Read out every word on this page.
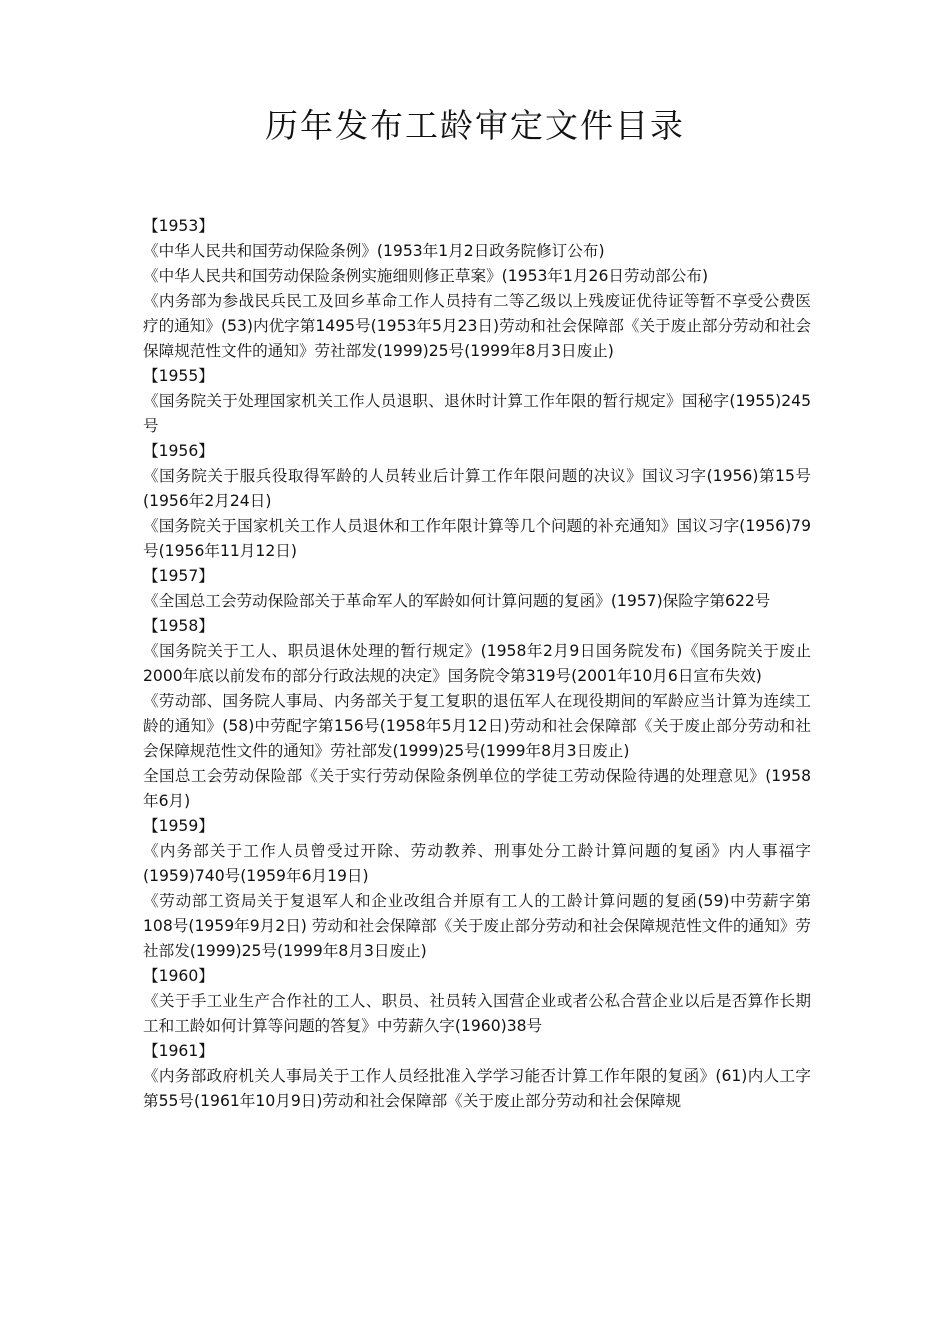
历年发布工龄审定文件目录

【1953】

《中华人民共和国劳动保险条例》(1953年1月2日政务院修订公布)

《中华人民共和国劳动保险条例实施细则修正草案》(1953年1月26日劳动部公布)

《内务部为参战民兵民工及回乡革命工作人员持有二等乙级以上残废证优待证等暂不享受公费医疗的通知》(53)内优字第1495号(1953年5月23日)劳动和社会保障部《关于废止部分劳动和社会保障规范性文件的通知》劳社部发(1999)25号(1999年8月3日废止)

【1955】

《国务院关于处理国家机关工作人员退职、退休时计算工作年限的暂行规定》国秘字(1955)245号

【1956】

《国务院关于服兵役取得军龄的人员转业后计算工作年限问题的决议》国议习字(1956)第15号(1956年2月24日)

《国务院关于国家机关工作人员退休和工作年限计算等几个问题的补充通知》国议习字(1956)79号(1956年11月12日)

【1957】

《全国总工会劳动保险部关于革命军人的军龄如何计算问题的复函》(1957)保险字第622号

【1958】

《国务院关于工人、职员退休处理的暂行规定》(1958年2月9日国务院发布)《国务院关于废止2000年底以前发布的部分行政法规的决定》国务院令第319号(2001年10月6日宣布失效)

《劳动部、国务院人事局、内务部关于复工复职的退伍军人在现役期间的军龄应当计算为连续工龄的通知》(58)中劳配字第156号(1958年5月12日)劳动和社会保障部《关于废止部分劳动和社会保障规范性文件的通知》劳社部发(1999)25号(1999年8月3日废止)

全国总工会劳动保险部《关于实行劳动保险条例单位的学徒工劳动保险待遇的处理意见》(1958年6月)

【1959】

《内务部关于工作人员曾受过开除、劳动教养、刑事处分工龄计算问题的复函》内人事福字(1959)740号(1959年6月19日)

《劳动部工资局关于复退军人和企业改组合并原有工人的工龄计算问题的复函(59)中劳薪字第108号(1959年9月2日) 劳动和社会保障部《关于废止部分劳动和社会保障规范性文件的通知》劳社部发(1999)25号(1999年8月3日废止)

【1960】

《关于手工业生产合作社的工人、职员、社员转入国营企业或者公私合营企业以后是否算作长期工和工龄如何计算等问题的答复》中劳薪久字(1960)38号

【1961】

《内务部政府机关人事局关于工作人员经批准入学学习能否计算工作年限的复函》(61)内人工字第55号(1961年10月9日)劳动和社会保障部《关于废止部分劳动和社会保障规
